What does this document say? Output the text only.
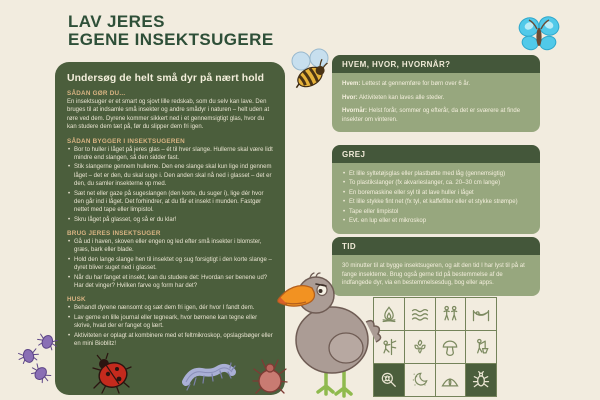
LAV JERES
EGENE INSEKTSUGERE
Undersøg de helt små dyr på nært hold
SÅDAN GØR DU...

En insektsuger er et smart og sjovt lille redskab, som du selv kan lave. Den bruges til at indsamle små insekter og andre smådyr i naturen – helt uden at røre ved dem. Dyrene kommer sikkert ned i et gennemsigtigt glas, hvor du kan studere dem tæt på, før du slipper dem fri igen.

SÅDAN BYGGER I INSEKTSUGEREN
• Bor to huller i låget på jeres glas – ét til hver slange. Hullerne skal være lidt mindre end slangen, så den sidder fast.
• Stik slangerne gennem hullerne. Den ene slange skal kun lige ind gennem låget – det er den, du skal suge i. Den anden skal nå ned i glasset – det er den, du samler insekterne op med.
• Sæt net eller gaze på sugeslangen (den korte, du suger i), lige dér hvor den går ind i låget. Det forhindrer, at du får et insekt i munden. Fastgør nettet med tape eller limpistol.
• Skru låget på glasset, og så er du klar!
BRUG JERES INSEKTSUGER
• Gå ud i haven, skoven eller engen og led efter små insekter i blomster, græs, bark eller blade.
• Hold den lange slange hen til insektet og sug forsigtigt i den korte slange – dyret bliver suget ned i glasset.
• Når du har fanget et insekt, kan du studere det: Hvordan ser benene ud? Har det vinger? Hvilken farve og form har det?
HUSK
• Behandl dyrene nænsomt og sæt dem fri igen, dér hvor I fandt dem.
• Lav gerne en lille journal eller tegneark, hvor børnene kan tegne eller skrive, hvad der er fanget og lært.
• Aktiviteten er oplagt at kombinere med et feltmikroskop, opslagsbøger eller en mini Bioblitz!
HVEM, HVOR, HVORNÅR?

Hvem: Lettest at gennemføre for børn over 6 år.

Hvor: Aktiviteten kan laves alle steder.

Hvornår: Helst forår, sommer og efterår, da det er sværere at finde insekter om vinteren.

GREJ
• Et lille syltetøjsglas eller plastbøtte med låg (gennemsigtig)
• To plastikslanger (fx akvarieslanger, ca. 20–30 cm lange)
• En boremaskine eller syl til at lave huller i låget
• Et lille stykke fint net (fx tyl, et kaffefilter eller et stykke strømpe)
• Tape eller limpistol
• Evt. en lup eller et mikroskop
TID

30 minutter til at bygge insektsugeren, og alt den tid I har lyst til på at fange insekterne. Brug også gerne tid på bestemmelse af de indfangede dyr, via en bestemmelsesdug, bog eller apps.
